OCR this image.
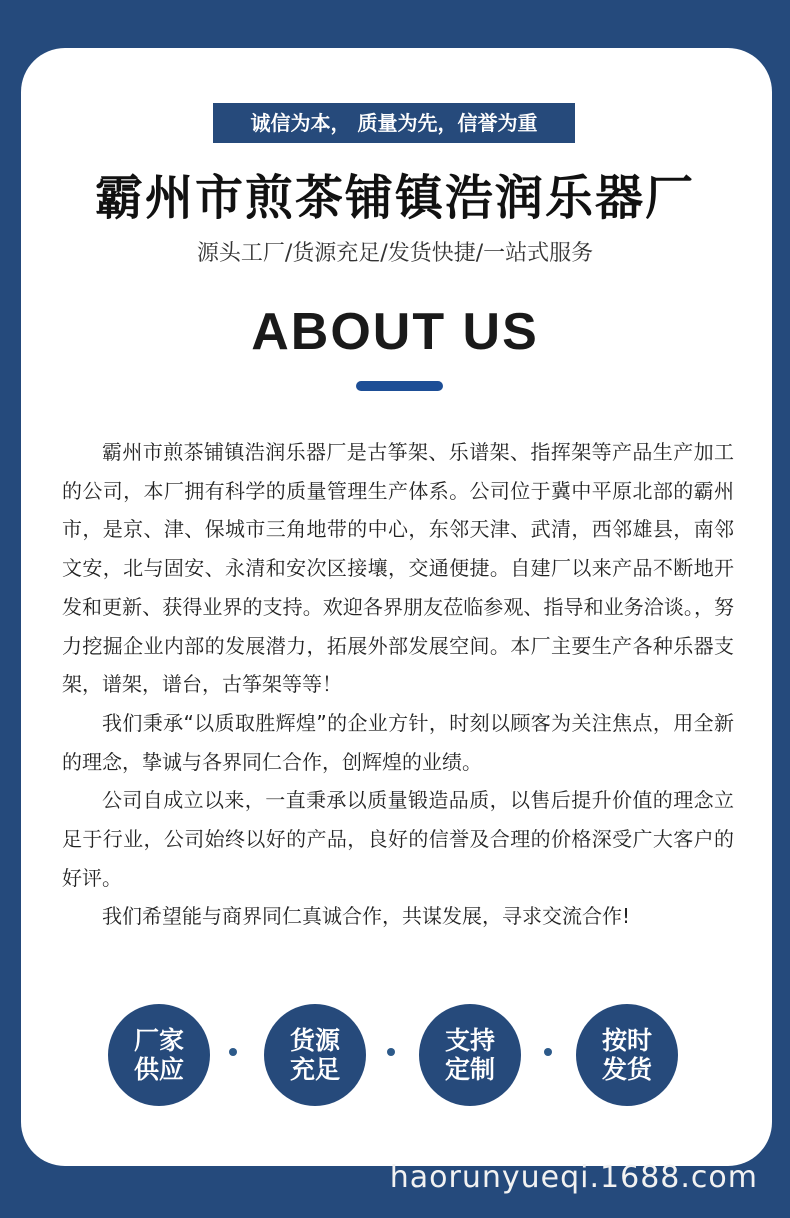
诚信为本， 质量为先，信誉为重
霸州市煎茶铺镇浩润乐器厂
源头工厂/货源充足/发货快捷/一站式服务
ABOUT US

霸州市煎茶铺镇浩润乐器厂是古筝架、乐谱架、指挥架等产品生产加工的公司，本厂拥有科学的质量管理生产体系。公司位于冀中平原北部的霸州市，是京、津、保城市三角地带的中心，东邻天津、武清，西邻雄县，南邻文安，北与固安、永清和安次区接壤，交通便捷。自建厂以来产品不断地开发和更新、获得业界的支持。欢迎各界朋友莅临参观、指导和业务洽谈。，努力挖掘企业内部的发展潜力，拓展外部发展空间。本厂主要生产各种乐器支架，谱架，谱台，古筝架等等！

我们秉承“以质取胜辉煌”的企业方针，时刻以顾客为关注焦点，用全新的理念，挚诚与各界同仁合作，创辉煌的业绩。

公司自成立以来，一直秉承以质量锻造品质，以售后提升价值的理念立足于行业，公司始终以好的产品，良好的信誉及合理的价格深受广大客户的好评。

我们希望能与商界同仁真诚合作，共谋发展，寻求交流合作!

厂家供应
货源充足
支持定制
按时发货
haorunyueqi.1688.com
